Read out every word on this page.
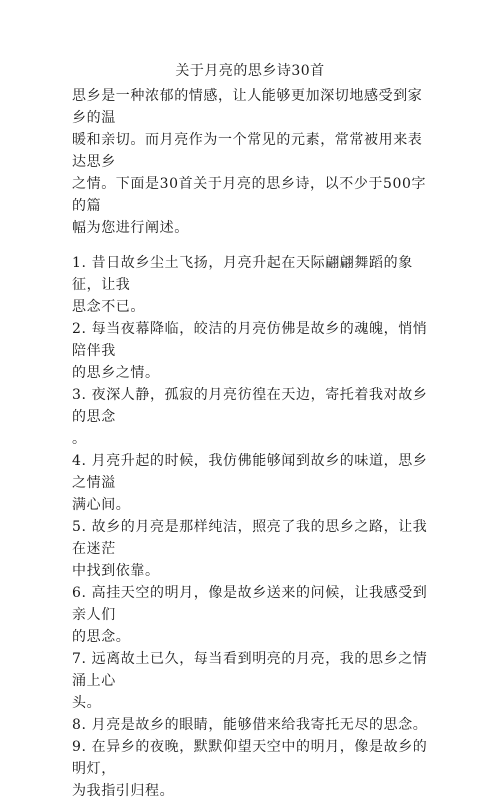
关于月亮的思乡诗30首

思乡是一种浓郁的情感，让人能够更加深切地感受到家乡的温
暖和亲切。而月亮作为一个常见的元素，常常被用来表达思乡
之情。下面是30首关于月亮的思乡诗，以不少于500字的篇
幅为您进行阐述。

1. 昔日故乡尘土飞扬，月亮升起在天际翩翩舞蹈的象征，让我
思念不已。

2. 每当夜幕降临，皎洁的月亮仿佛是故乡的魂魄，悄悄陪伴我
的思乡之情。

3. 夜深人静，孤寂的月亮彷徨在天边，寄托着我对故乡的思念
。

4. 月亮升起的时候，我仿佛能够闻到故乡的味道，思乡之情溢
满心间。

5. 故乡的月亮是那样纯洁，照亮了我的思乡之路，让我在迷茫
中找到依靠。

6. 高挂天空的明月，像是故乡送来的问候，让我感受到亲人们
的思念。

7. 远离故土已久，每当看到明亮的月亮，我的思乡之情涌上心
头。

8. 月亮是故乡的眼睛，能够借来给我寄托无尽的思念。

9. 在异乡的夜晚，默默仰望天空中的明月，像是故乡的明灯，
为我指引归程。
